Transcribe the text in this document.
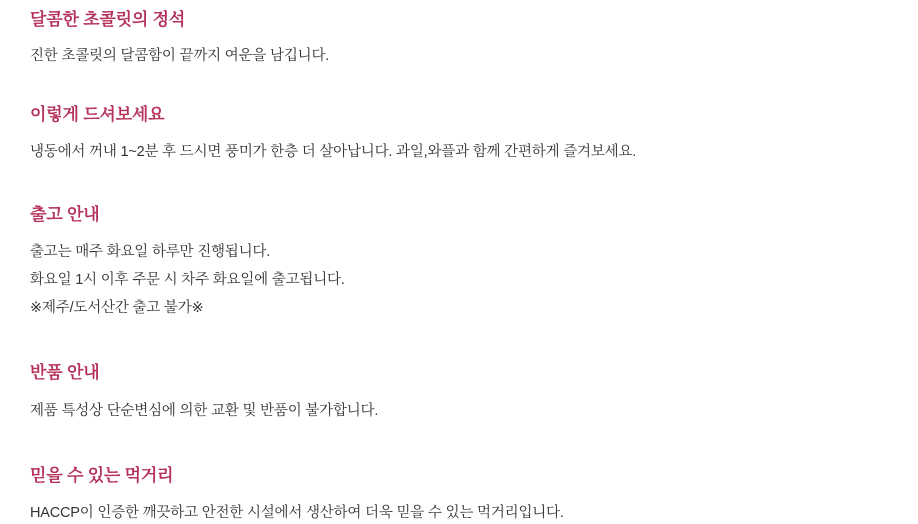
달콤한 초콜릿의 정석

진한 초콜릿의 달콤함이 끝까지 여운을 남깁니다.

이렇게 드셔보세요

냉동에서 꺼내 1~2분 후 드시면 풍미가 한층 더 살아납니다. 과일,와플과 함께 간편하게 즐겨보세요.

출고 안내

출고는 매주 화요일 하루만 진행됩니다.

화요일 1시 이후 주문 시 차주 화요일에 출고됩니다.

※제주/도서산간 출고 불가※

반품 안내

제품 특성상 단순변심에 의한 교환 및 반품이 불가합니다.

믿을 수 있는 먹거리

HACCP이 인증한 깨끗하고 안전한 시설에서 생산하여 더욱 믿을 수 있는 먹거리입니다.
